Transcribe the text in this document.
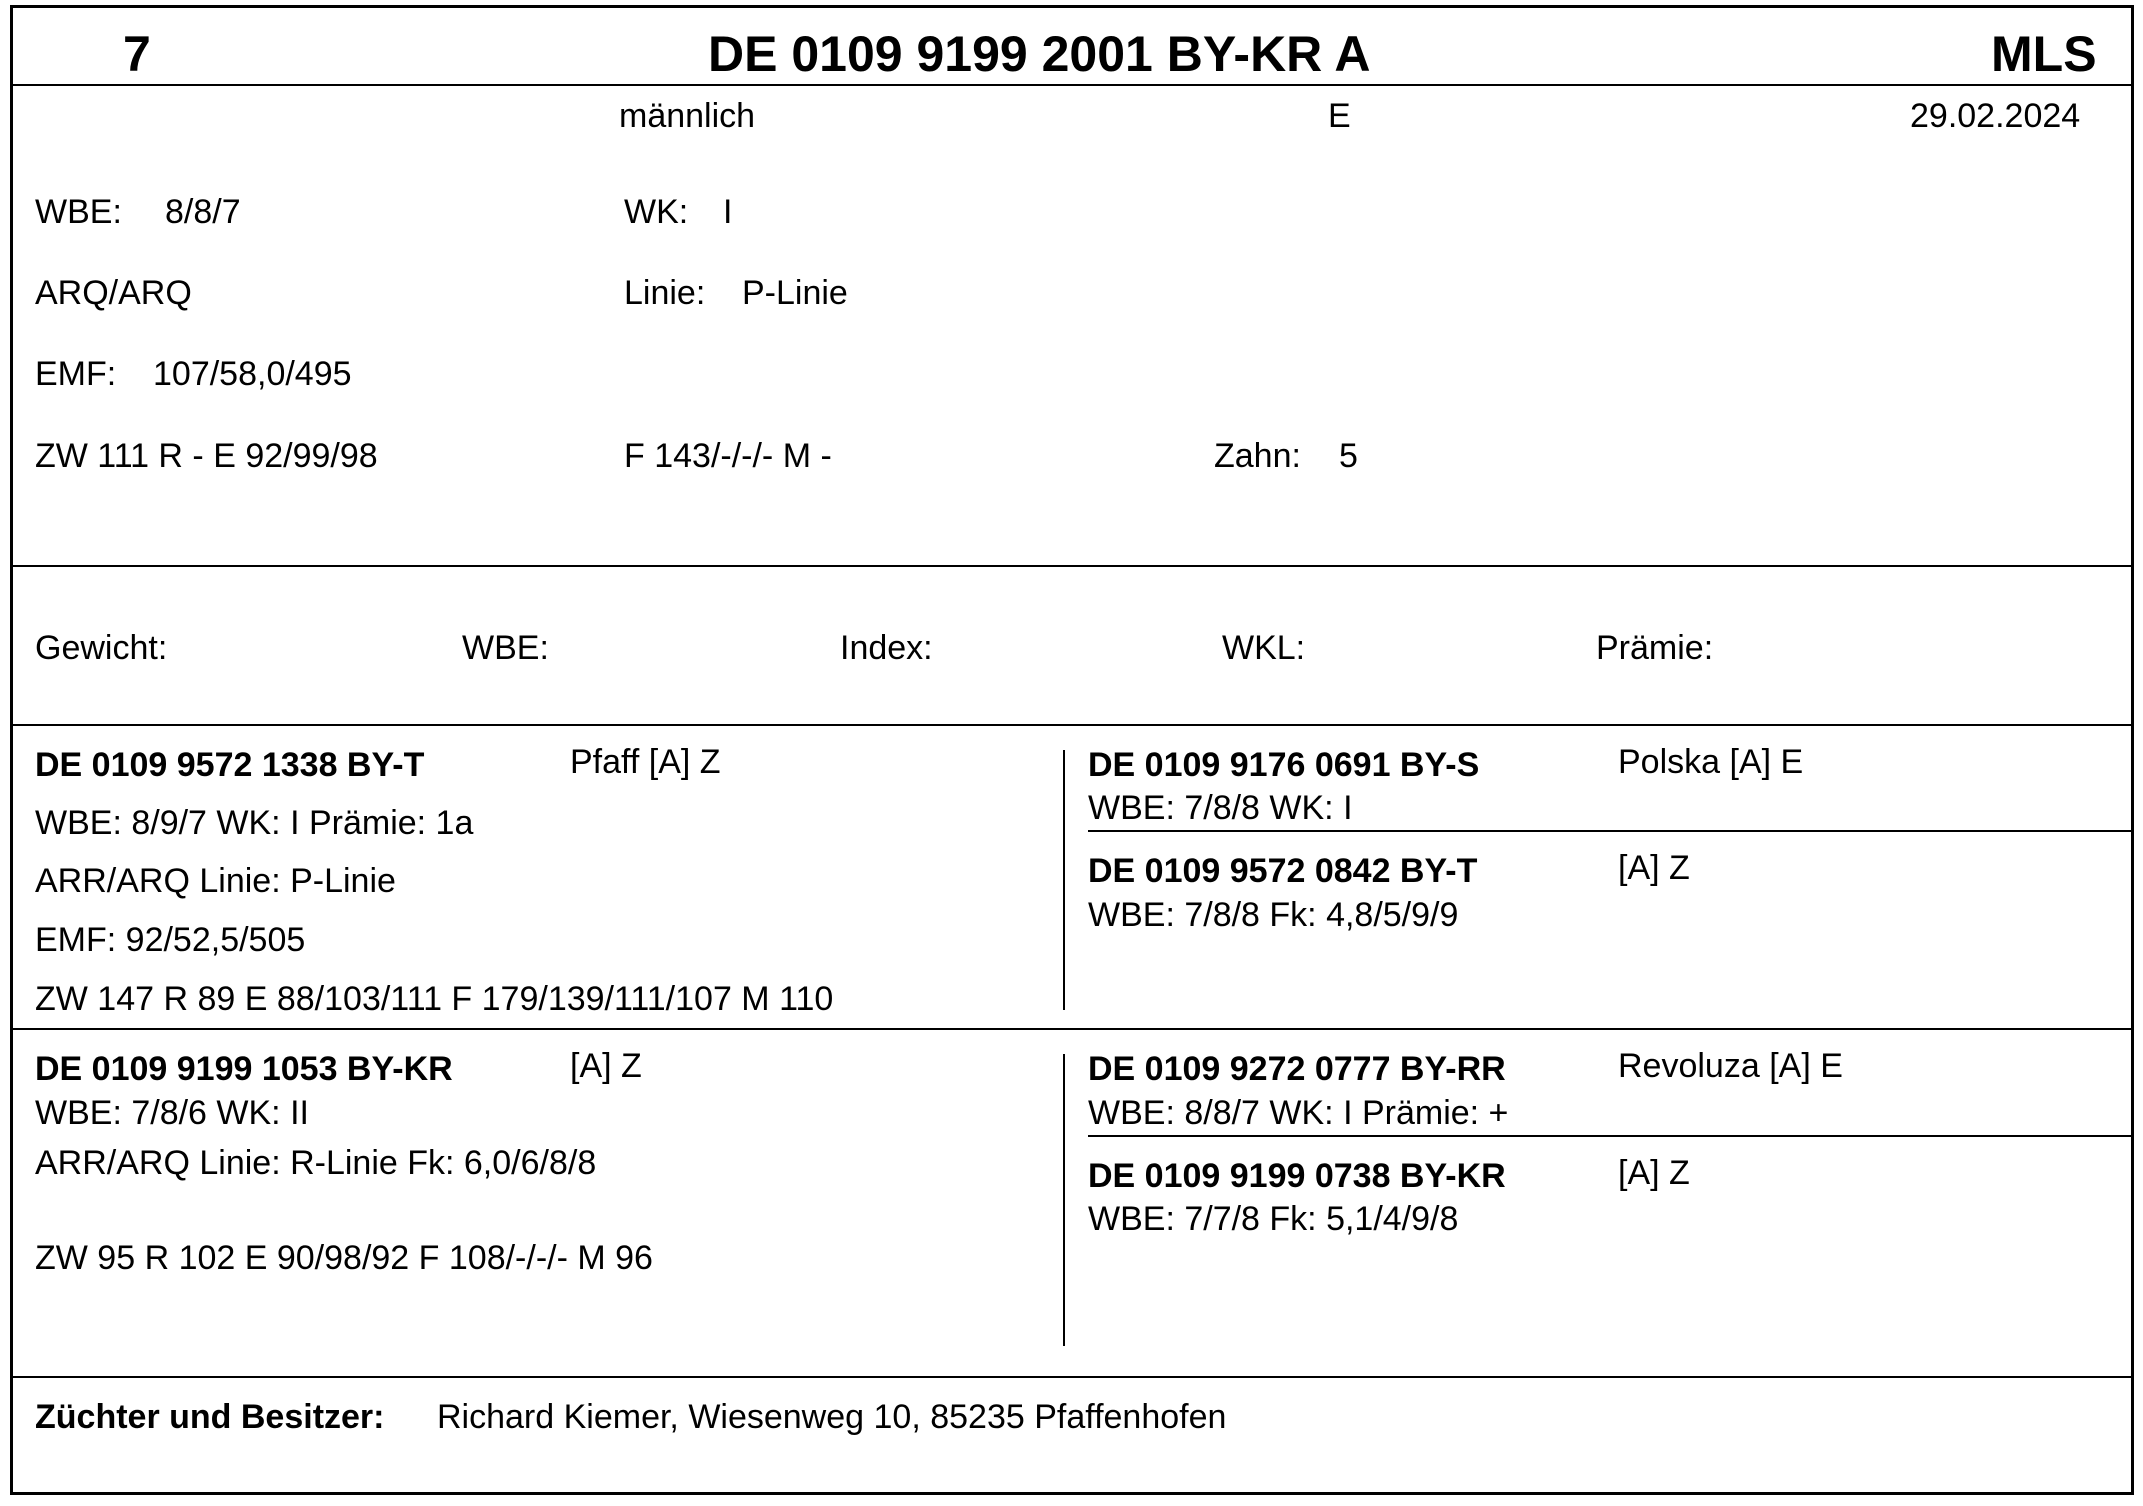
7	DE 0109 9199 2001 BY-KR A	MLS
männlich	E	29.02.2024
WBE: 8/8/7	WK: I
ARQ/ARQ	Linie: P-Linie
EMF: 107/58,0/495
ZW 111 R - E 92/99/98	F 143/-/-/- M -	Zahn: 5
Gewicht:	WBE:	Index:	WKL:	Prämie:
DE 0109 9572 1338 BY-T	Pfaff [A] Z
WBE: 8/9/7 WK: I Prämie: 1a
ARR/ARQ Linie: P-Linie
EMF: 92/52,5/505
ZW 147 R 89 E 88/103/111 F 179/139/111/107 M 110
DE 0109 9176 0691 BY-S	Polska [A] E
WBE: 7/8/8 WK: I
DE 0109 9572 0842 BY-T	[A] Z
WBE: 7/8/8 Fk: 4,8/5/9/9
DE 0109 9199 1053 BY-KR	[A] Z
WBE: 7/8/6 WK: II
ARR/ARQ Linie: R-Linie Fk: 6,0/6/8/8
ZW 95 R 102 E 90/98/92 F 108/-/-/- M 96
DE 0109 9272 0777 BY-RR	Revoluza [A] E
WBE: 8/8/7 WK: I Prämie: +
DE 0109 9199 0738 BY-KR	[A] Z
WBE: 7/7/8 Fk: 5,1/4/9/8
Züchter und Besitzer: Richard Kiemer, Wiesenweg 10, 85235 Pfaffenhofen
